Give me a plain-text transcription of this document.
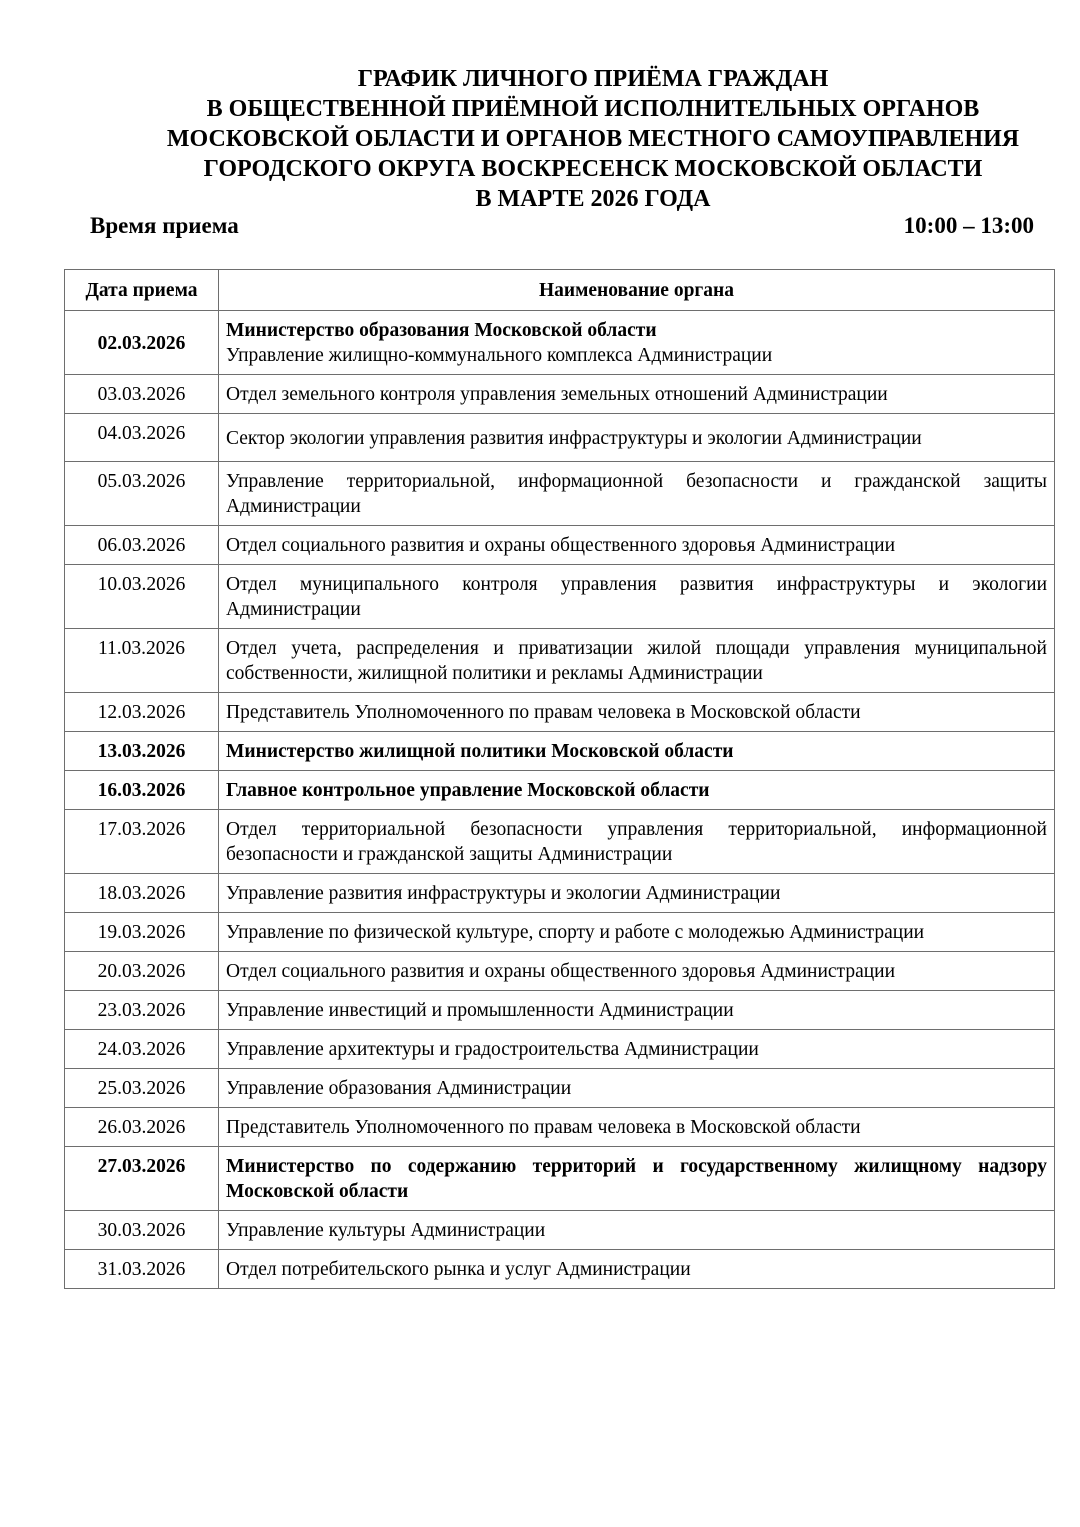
ГРАФИК ЛИЧНОГО ПРИЁМА ГРАЖДАН
В ОБЩЕСТВЕННОЙ ПРИЁМНОЙ ИСПОЛНИТЕЛЬНЫХ ОРГАНОВ
МОСКОВСКОЙ ОБЛАСТИ И ОРГАНОВ МЕСТНОГО САМОУПРАВЛЕНИЯ
ГОРОДСКОГО ОКРУГА ВОСКРЕСЕНСК МОСКОВСКОЙ ОБЛАСТИ
В МАРТЕ 2026 ГОДА
Время приема	10:00 – 13:00
Дата приема	Наименование органа
02.03.2026	Министерство образования Московской области
Управление жилищно-коммунального комплекса Администрации

03.03.2026	Отдел земельного контроля управления земельных отношений Администрации

04.03.2026	Сектор экологии управления развития инфраструктуры и экологии Администрации

05.03.2026	Управление территориальной, информационной безопасности и гражданской защиты Администрации

06.03.2026	Отдел социального развития и охраны общественного здоровья Администрации

10.03.2026	Отдел муниципального контроля управления развития инфраструктуры и экологии Администрации

11.03.2026	Отдел учета, распределения и приватизации жилой площади управления муниципальной собственности, жилищной политики и рекламы Администрации

12.03.2026	Представитель Уполномоченного по правам человека в Московской области

13.03.2026	Министерство жилищной политики Московской области

16.03.2026	Главное контрольное управление Московской области

17.03.2026	Отдел территориальной безопасности управления территориальной, информационной безопасности и гражданской защиты Администрации

18.03.2026	Управление развития инфраструктуры и экологии Администрации

19.03.2026	Управление по физической культуре, спорту и работе с молодежью Администрации

20.03.2026	Отдел социального развития и охраны общественного здоровья Администрации

23.03.2026	Управление инвестиций и промышленности Администрации

24.03.2026	Управление архитектуры и градостроительства Администрации

25.03.2026	Управление образования Администрации

26.03.2026	Представитель Уполномоченного по правам человека в Московской области

27.03.2026	Министерство по содержанию территорий и государственному жилищному надзору Московской области

30.03.2026	Управление культуры Администрации

31.03.2026	Отдел потребительского рынка и услуг Администрации
